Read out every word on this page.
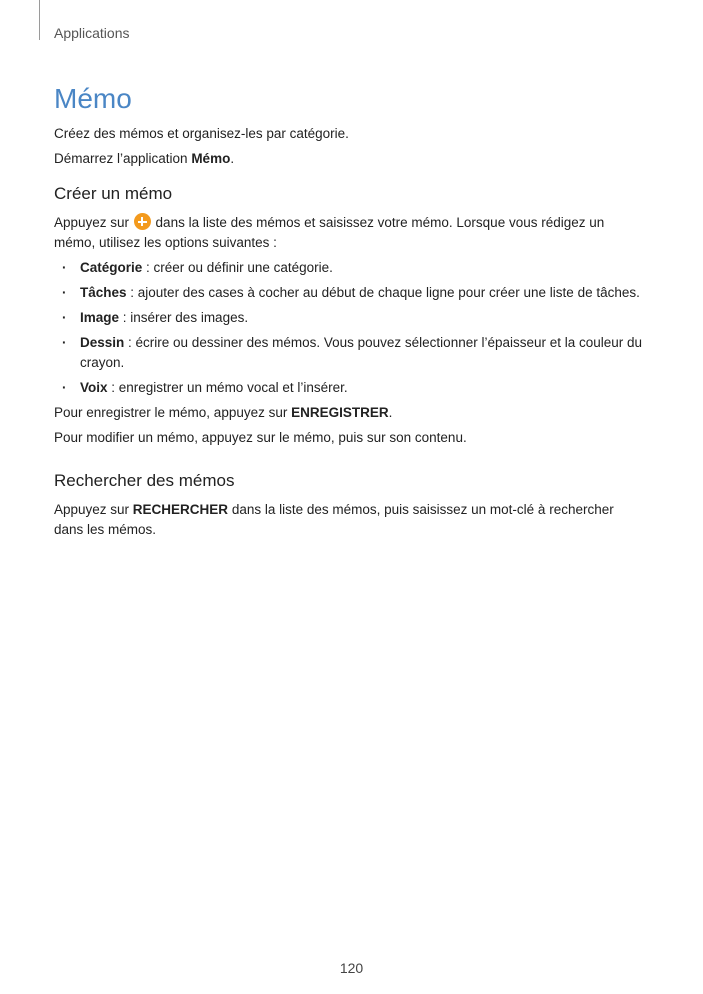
Applications
Mémo

Créez des mémos et organisez-les par catégorie.

Démarrez l’application Mémo.

Créer un mémo

Appuyez sur  dans la liste des mémos et saisissez votre mémo. Lorsque vous rédigez un mémo, utilisez les options suivantes :

· Catégorie : créer ou définir une catégorie.
· Tâches : ajouter des cases à cocher au début de chaque ligne pour créer une liste de tâches.
· Image : insérer des images.
· Dessin : écrire ou dessiner des mémos. Vous pouvez sélectionner l’épaisseur et la couleur du crayon.
· Voix : enregistrer un mémo vocal et l’insérer.

Pour enregistrer le mémo, appuyez sur ENREGISTRER.

Pour modifier un mémo, appuyez sur le mémo, puis sur son contenu.

Rechercher des mémos

Appuyez sur RECHERCHER dans la liste des mémos, puis saisissez un mot-clé à rechercher dans les mémos.

120
